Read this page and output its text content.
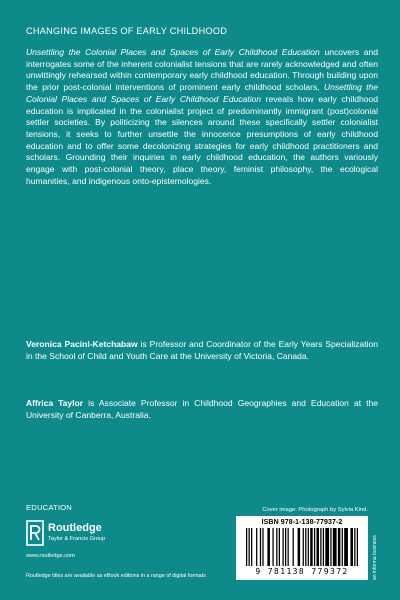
CHANGING IMAGES OF EARLY CHILDHOOD
Unsettling the Colonial Places and Spaces of Early Childhood Education uncovers and interrogates some of the inherent colonialist tensions that are rarely acknowledged and often unwittingly rehearsed within contemporary early childhood education. Through building upon the prior post-colonial interventions of prominent early childhood scholars, Unsettling the Colonial Places and Spaces of Early Childhood Education reveals how early childhood education is implicated in the colonialist project of predominantly immigrant (post)colonial settler societies. By politicizing the silences around these specifically settler colonialist tensions, it seeks to further unsettle the innocence presumptions of early childhood education and to offer some decolonizing strategies for early childhood practitioners and scholars. Grounding their inquiries in early childhood education, the authors variously engage with post-colonial theory, place theory, feminist philosophy, the ecological humanities, and indigenous onto-epistemologies.
Veronica Pacini-Ketchabaw is Professor and Coordinator of the Early Years Specialization in the School of Child and Youth Care at the University of Victoria, Canada.
Affrica Taylor is Associate Professor in Childhood Geographies and Education at the University of Canberra, Australia.
EDUCATION
Routledge
Taylor & Francis Group
www.routledge.com
Routledge titles are available as eBook editions in a range of digital formats
Cover image: Photograph by Sylvia Kind.
ISBN 978-1-138-77937-2
9 781138 779372	an informa business
